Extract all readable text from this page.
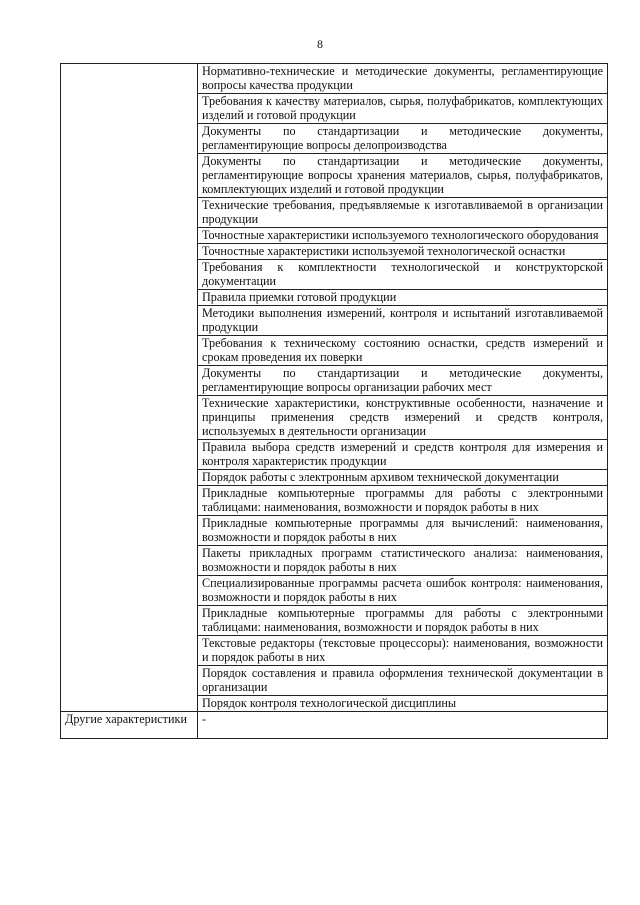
8
	Нормативно-технические и методические документы, регламентирующие вопросы качества продукции
	Требования к качеству материалов, сырья, полуфабрикатов, комплектующих изделий и готовой продукции
	Документы по стандартизации и методические документы, регламентирующие вопросы делопроизводства
	Документы по стандартизации и методические документы, регламентирующие вопросы хранения материалов, сырья, полуфабрикатов, комплектующих изделий и готовой продукции
	Технические требования, предъявляемые к изготавливаемой в организации продукции
	Точностные характеристики используемого технологического оборудования
	Точностные характеристики используемой технологической оснастки
	Требования к комплектности технологической и конструкторской документации
	Правила приемки готовой продукции
	Методики выполнения измерений, контроля и испытаний изготавливаемой продукции
	Требования к техническому состоянию оснастки, средств измерений и срокам проведения их поверки
	Документы по стандартизации и методические документы, регламентирующие вопросы организации рабочих мест
	Технические характеристики, конструктивные особенности, назначение и принципы применения средств измерений и средств контроля, используемых в деятельности организации
	Правила выбора средств измерений и средств контроля для измерения и контроля характеристик продукции
	Порядок работы с электронным архивом технической документации
	Прикладные компьютерные программы для работы с электронными таблицами: наименования, возможности и порядок работы в них
	Прикладные компьютерные программы для вычислений: наименования, возможности и порядок работы в них
	Пакеты прикладных программ статистического анализа: наименования, возможности и порядок работы в них
	Специализированные программы расчета ошибок контроля: наименования, возможности и порядок работы в них
	Прикладные компьютерные программы для работы с электронными таблицами: наименования, возможности и порядок работы в них
	Текстовые редакторы (текстовые процессоры): наименования, возможности и порядок работы в них
	Порядок составления и правила оформления технической документации в организации
	Порядок контроля технологической дисциплины
Другие характеристики	-
